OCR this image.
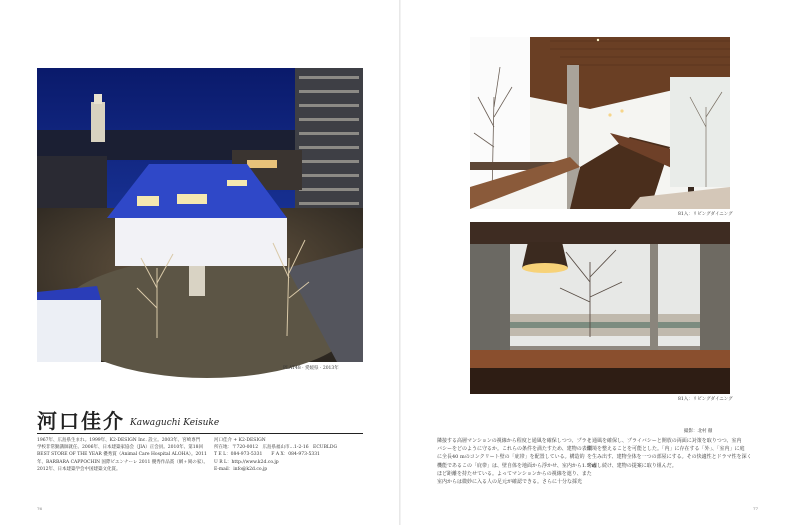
PLAT48 · 愛媛県 · 2013年
河口佳介 Kawaguchi Keisuke
1967年、広島県生まれ。1999年、K2-DESIGN Inc. 設立。2003年、宮崎専門
学校非常勤講師就任。2006年、日本建築家協会（JIA）正会員。2010年、第18回
BEST STORE OF THE YEAR 優秀賞（Animal Care Hospital ALOHA）。2011
年、BARBARA CAPPOCHIN 国際ビエンナーレ 2011 優秀作品賞（網ヶ岡の家）。
2012年、日本建築学会中国建築文化賞。
河口佳介 + K2-DESIGN
所在地：〒720-0012　広島県福山市…1-2-16　ECUBLDG
T E L：084-973-5331　　F A X：084-973-5331
U R L：http://www.k2d.co.jp
E-mail：info@k2d.co.jp
76
81入：リビングダイニング
81入：リビングダイニング
撮影：北村 徹
隣接する高層マンションの視線から程度と通風を確保しつつ、プライ
バシーをどのように守るか。これらの条件を満たすため、建物の表側
に全長40 mのコンクリート壁の「庇帯」を配置している。構造的
機能であるこの「庇帯」は、壁自体を地面から浮かせ、室内から1.5 m
ほど距離を持たせている。よってマンションからの視線を遮り、また
室内からは微妙に入る人の足元が確認できる。さらに十分な採光
と通風を確保し、プライバシーと開放の両面に対策を取りつつ、室内
環境を整えることを可能とした。「内」に存在する「外」、「室内」に庭
を生み出す、建物全体を一つの部屋にする。その快適性とドラマ性を深く
考慮し続け、建物の提案に取り組んだ。
77
